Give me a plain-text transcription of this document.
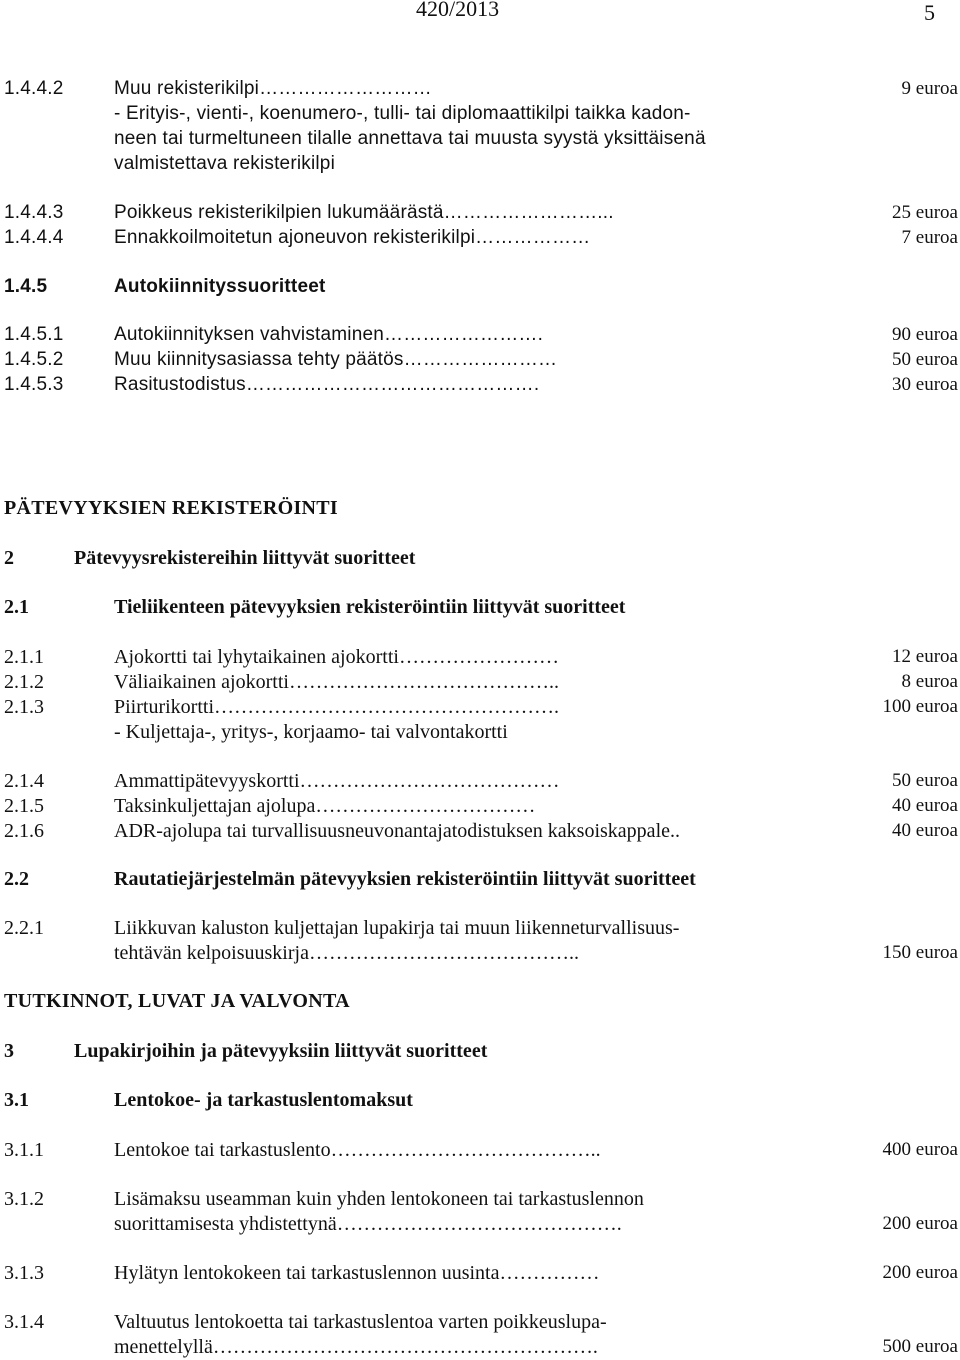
420/2013	5
1.4.4.2	Muu rekisterikilpi………………………	9 euroa
- Erityis-, vienti-, koenumero-, tulli- tai diplomaattikilpi taikka kadon-
neen tai turmeltuneen tilalle annettava tai muusta syystä yksittäisenä
valmistettava rekisterikilpi
1.4.4.3	Poikkeus rekisterikilpien lukumäärästä……………………...	25 euroa
1.4.4.4	Ennakkoilmoitetun ajoneuvon rekisterikilpi………………	7 euroa
1.4.5	Autokiinnityssuoritteet
1.4.5.1	Autokiinnityksen vahvistaminen…………………….	90 euroa
1.4.5.2	Muu kiinnitysasiassa tehty päätös……………………	50 euroa
1.4.5.3	Rasitustodistus……………………………………….	30 euroa
PÄTEVYYKSIEN REKISTERÖINTI
2	Pätevyysrekistereihin liittyvät suoritteet
2.1	Tieliikenteen pätevyyksien rekisteröintiin liittyvät suoritteet
2.1.1	Ajokortti tai lyhytaikainen ajokortti……………………	12 euroa
2.1.2	Väliaikainen ajokortti…………………………………..	8 euroa
2.1.3	Piirturikortti…………………………………………….	100 euroa
- Kuljettaja-, yritys-, korjaamo- tai valvontakortti
2.1.4	Ammattipätevyyskortti…………………………………	50 euroa
2.1.5	Taksinkuljettajan ajolupa……………………………	40 euroa
2.1.6	ADR-ajolupa tai turvallisuusneuvonantajatodistuksen kaksoiskappale..	40 euroa
2.2	Rautatiejärjestelmän pätevyyksien rekisteröintiin liittyvät suoritteet
2.2.1	Liikkuvan kaluston kuljettajan lupakirja tai muun liikenneturvallisuus-
tehtävän kelpoisuuskirja…………………………………..	150 euroa
TUTKINNOT, LUVAT JA VALVONTA
3	Lupakirjoihin ja pätevyyksiin liittyvät suoritteet
3.1	Lentokoe- ja tarkastuslentomaksut
3.1.1	Lentokoe tai tarkastuslento…………………………………..	400 euroa
3.1.2	Lisämaksu useamman kuin yhden lentokoneen tai tarkastuslennon
suorittamisesta yhdistettynä…………………………………….	200 euroa
3.1.3	Hylätyn lentokokeen tai tarkastuslennon uusinta……………	200 euroa
3.1.4	Valtuutus lentokoetta tai tarkastuslentoa varten poikkeuslupa-
menettelyllä………………………………………………….	500 euroa
